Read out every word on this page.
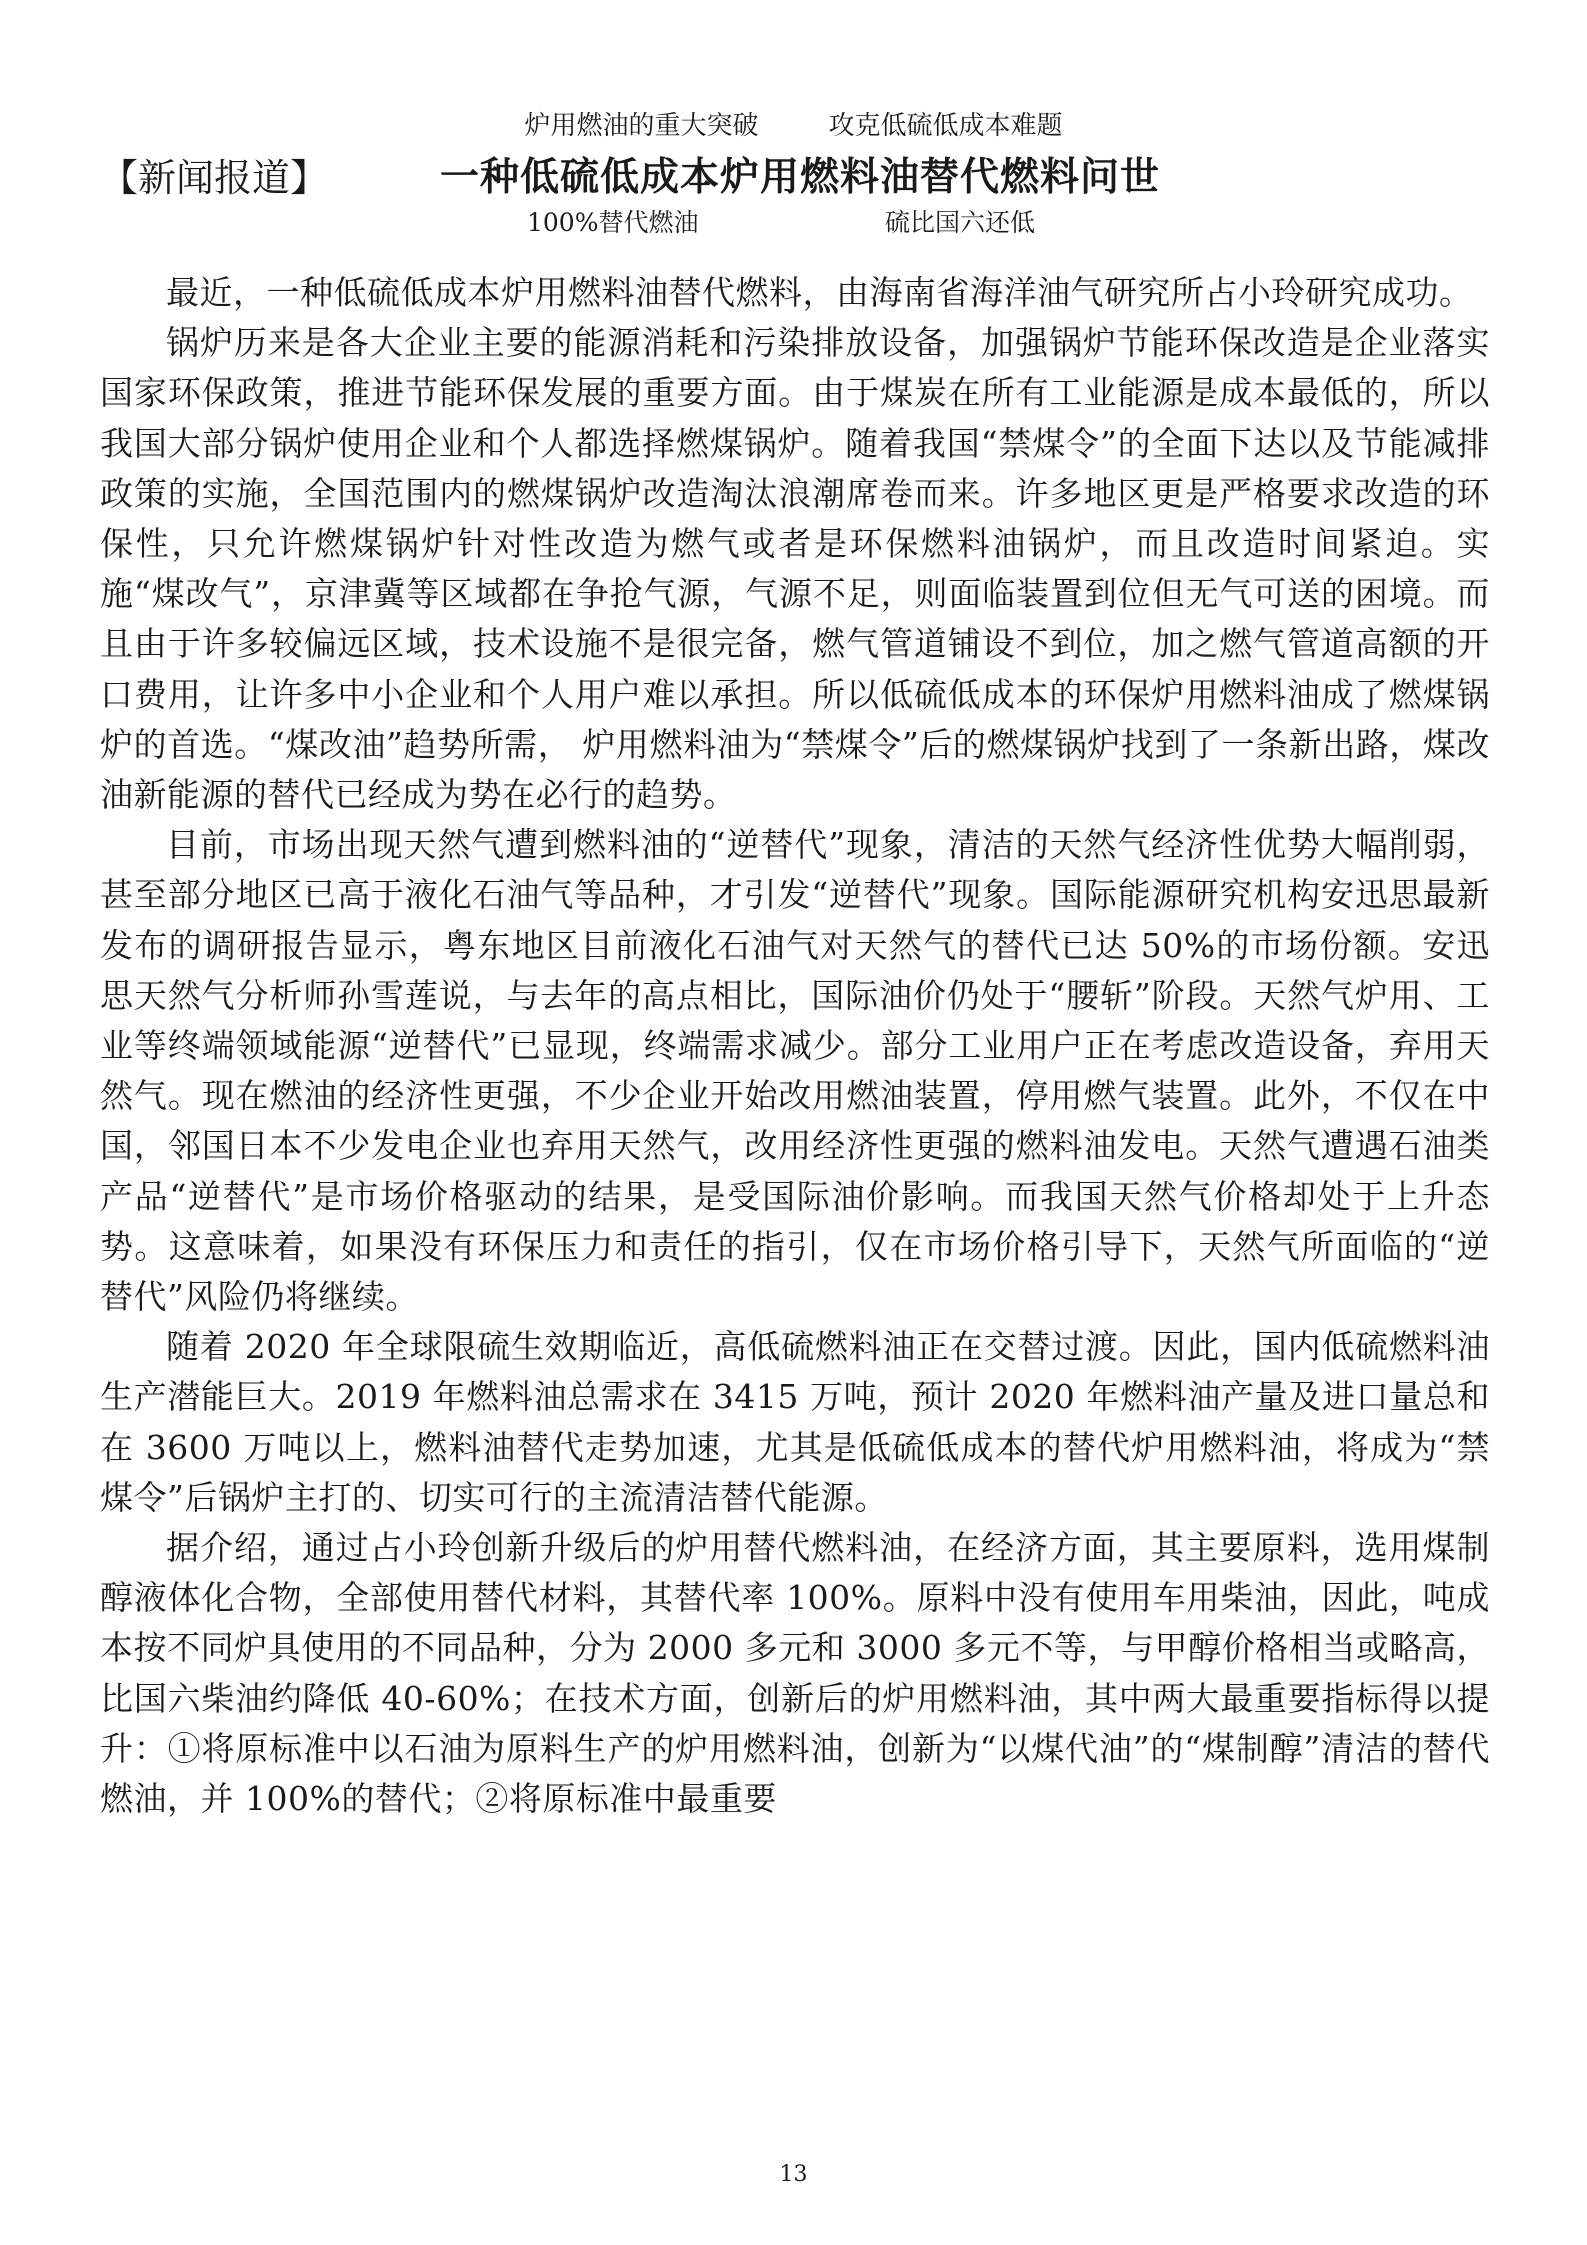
炉用燃油的重大突破	攻克低硫低成本难题
【新闻报道】	一种低硫低成本炉用燃料油替代燃料问世
100%替代燃油	硫比国六还低

最近，一种低硫低成本炉用燃料油替代燃料，由海南省海洋油气研究所占小玲研究成功。

锅炉历来是各大企业主要的能源消耗和污染排放设备，加强锅炉节能环保改造是企业落实国家环保政策，推进节能环保发展的重要方面。由于煤炭在所有工业能源是成本最低的，所以我国大部分锅炉使用企业和个人都选择燃煤锅炉。随着我国“禁煤令”的全面下达以及节能减排政策的实施，全国范围内的燃煤锅炉改造淘汰浪潮席卷而来。许多地区更是严格要求改造的环保性，只允许燃煤锅炉针对性改造为燃气或者是环保燃料油锅炉，而且改造时间紧迫。实施“煤改气”，京津冀等区域都在争抢气源，气源不足，则面临装置到位但无气可送的困境。而且由于许多较偏远区域，技术设施不是很完备，燃气管道铺设不到位，加之燃气管道高额的开口费用，让许多中小企业和个人用户难以承担。所以低硫低成本的环保炉用燃料油成了燃煤锅炉的首选。“煤改油”趋势所需， 炉用燃料油为“禁煤令”后的燃煤锅炉找到了一条新出路，煤改油新能源的替代已经成为势在必行的趋势。

目前，市场出现天然气遭到燃料油的“逆替代”现象，清洁的天然气经济性优势大幅削弱，甚至部分地区已高于液化石油气等品种，才引发“逆替代”现象。国际能源研究机构安迅思最新发布的调研报告显示，粤东地区目前液化石油气对天然气的替代已达 50%的市场份额。安迅思天然气分析师孙雪莲说，与去年的高点相比，国际油价仍处于“腰斩”阶段。天然气炉用、工业等终端领域能源“逆替代”已显现，终端需求减少。部分工业用户正在考虑改造设备，弃用天然气。现在燃油的经济性更强，不少企业开始改用燃油装置，停用燃气装置。此外，不仅在中国，邻国日本不少发电企业也弃用天然气，改用经济性更强的燃料油发电。天然气遭遇石油类产品“逆替代”是市场价格驱动的结果，是受国际油价影响。而我国天然气价格却处于上升态势。这意味着，如果没有环保压力和责任的指引，仅在市场价格引导下，天然气所面临的“逆替代”风险仍将继续。

随着 2020 年全球限硫生效期临近，高低硫燃料油正在交替过渡。因此，国内低硫燃料油生产潜能巨大。2019 年燃料油总需求在 3415 万吨，预计 2020 年燃料油产量及进口量总和在 3600 万吨以上，燃料油替代走势加速，尤其是低硫低成本的替代炉用燃料油，将成为“禁煤令”后锅炉主打的、切实可行的主流清洁替代能源。

据介绍，通过占小玲创新升级后的炉用替代燃料油，在经济方面，其主要原料，选用煤制醇液体化合物，全部使用替代材料，其替代率 100%。原料中没有使用车用柴油，因此，吨成本按不同炉具使用的不同品种，分为 2000 多元和 3000 多元不等，与甲醇价格相当或略高，比国六柴油约降低 40-60%；在技术方面，创新后的炉用燃料油，其中两大最重要指标得以提升：①将原标准中以石油为原料生产的炉用燃料油，创新为“以煤代油”的“煤制醇”清洁的替代燃油，并 100%的替代；②将原标准中最重要

13
